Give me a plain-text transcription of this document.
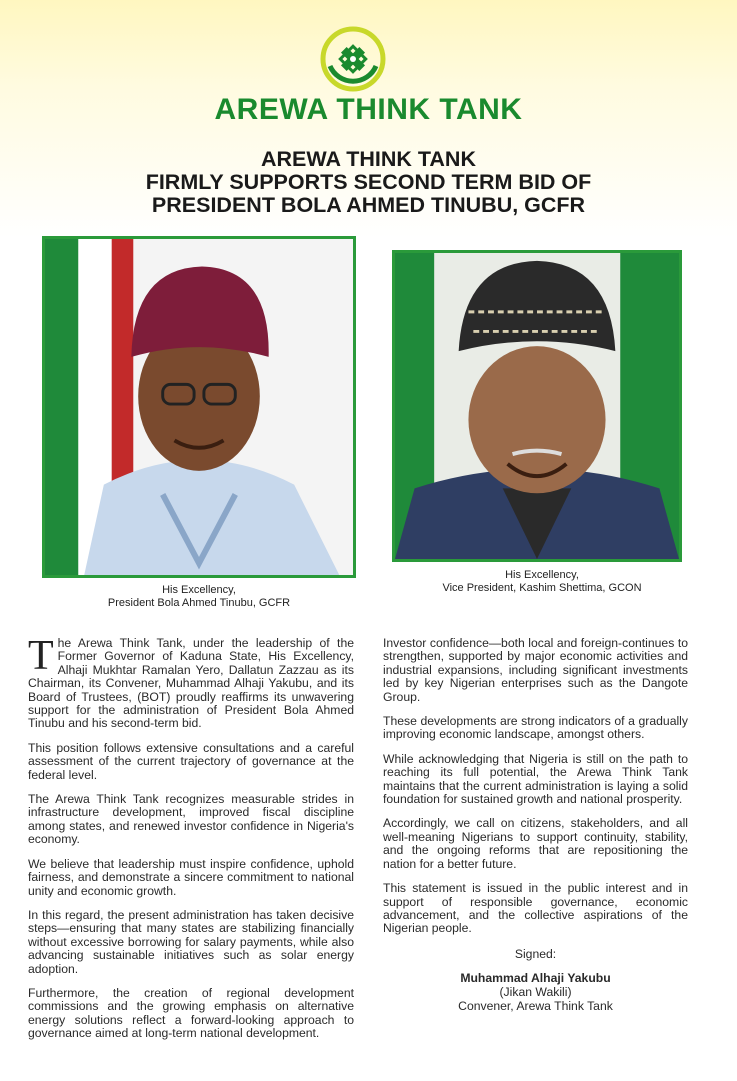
AREWA THINK TANK
AREWA THINK TANK
FIRMLY SUPPORTS SECOND TERM BID OF
PRESIDENT BOLA AHMED TINUBU, GCFR
His Excellency,
President Bola Ahmed Tinubu, GCFR
His Excellency,
Vice President, Kashim Shettima, GCON

The Arewa Think Tank, under the leadership of the Former Governor of Kaduna State, His Excellency, Alhaji Mukhtar Ramalan Yero, Dallatun Zazzau as its Chairman, its Convener, Muhammad Alhaji Yakubu, and its Board of Trustees, (BOT) proudly reaffirms its unwavering support for the administration of President Bola Ahmed Tinubu and his second-term bid.

This position follows extensive consultations and a careful assessment of the current trajectory of governance at the federal level.

The Arewa Think Tank recognizes measurable strides in infrastructure development, improved fiscal discipline among states, and renewed investor confidence in Nigeria's economy.

We believe that leadership must inspire confidence, uphold fairness, and demonstrate a sincere commitment to national unity and economic growth.

In this regard, the present administration has taken decisive steps—ensuring that many states are stabilizing financially without excessive borrowing for salary payments, while also advancing sustainable initiatives such as solar energy adoption.

Furthermore, the creation of regional development commissions and the growing emphasis on alternative energy solutions reflect a forward-looking approach to governance aimed at long-term national development.

Investor confidence—both local and foreign-continues to strengthen, supported by major economic activities and industrial expansions, including significant investments led by key Nigerian enterprises such as the Dangote Group.

These developments are strong indicators of a gradually improving economic landscape, amongst others.

While acknowledging that Nigeria is still on the path to reaching its full potential, the Arewa Think Tank maintains that the current administration is laying a solid foundation for sustained growth and national prosperity.

Accordingly, we call on citizens, stakeholders, and all well-meaning Nigerians to support continuity, stability, and the ongoing reforms that are repositioning the nation for a better future.

This statement is issued in the public interest and in support of responsible governance, economic advancement, and the collective aspirations of the Nigerian people.

Signed:
Muhammad Alhaji Yakubu
(Jikan Wakili)
Convener, Arewa Think Tank
